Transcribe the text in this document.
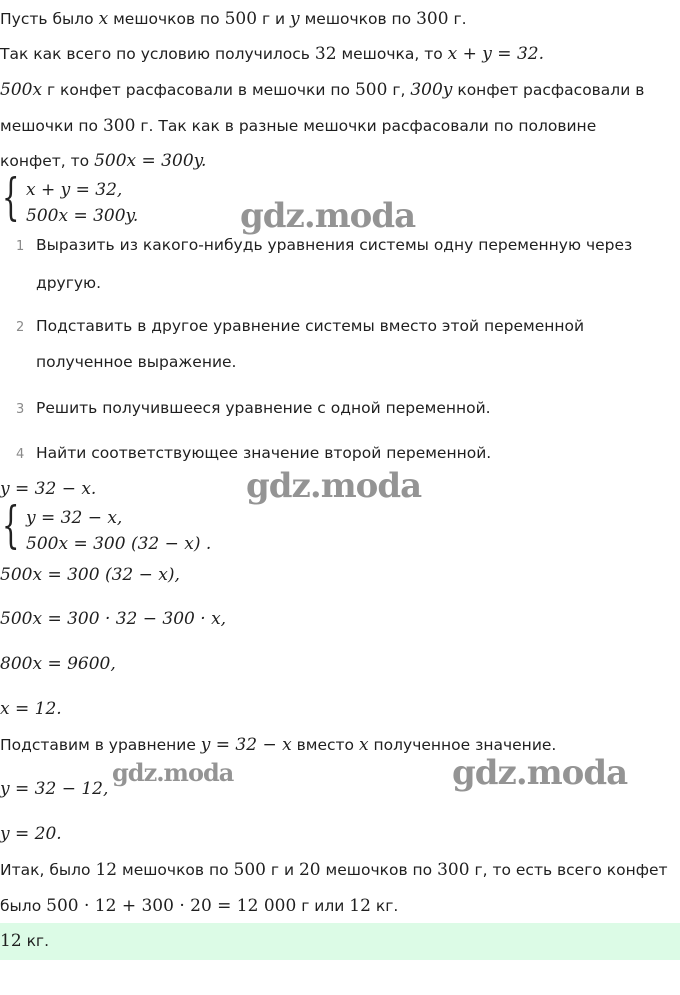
Пусть было x мешочков по 500 г и y мешочков по 300 г.
Так как всего по условию получилось 32 мешочка, то x + y = 32.
500x г конфет расфасовали в мешочки по 500 г, 300y конфет расфасовали в
мешочки по 300 г. Так как в разные мешочки расфасовали по половине
конфет, то 500x = 300y.
{ x + y = 32,
500x = 300y.
1 Выразить из какого-нибудь уравнения системы одну переменную через
другую.
2 Подставить в другое уравнение системы вместо этой переменной
полученное выражение.
3 Решить получившееся уравнение с одной переменной.
4 Найти соответствующее значение второй переменной.
y = 32 − x.
{ y = 32 − x,
500x = 300 (32 − x) .
500x = 300 (32 − x),
500x = 300 · 32 − 300 · x,
800x = 9600,
x = 12.
Подставим в уравнение y = 32 − x вместо x полученное значение.
y = 32 − 12,
y = 20.
Итак, было 12 мешочков по 500 г и 20 мешочков по 300 г, то есть всего конфет
было 500 · 12 + 300 · 20 = 12 000 г или 12 кг.
12 кг.
gdz.moda
gdz.moda
gdz.moda	gdz.moda
